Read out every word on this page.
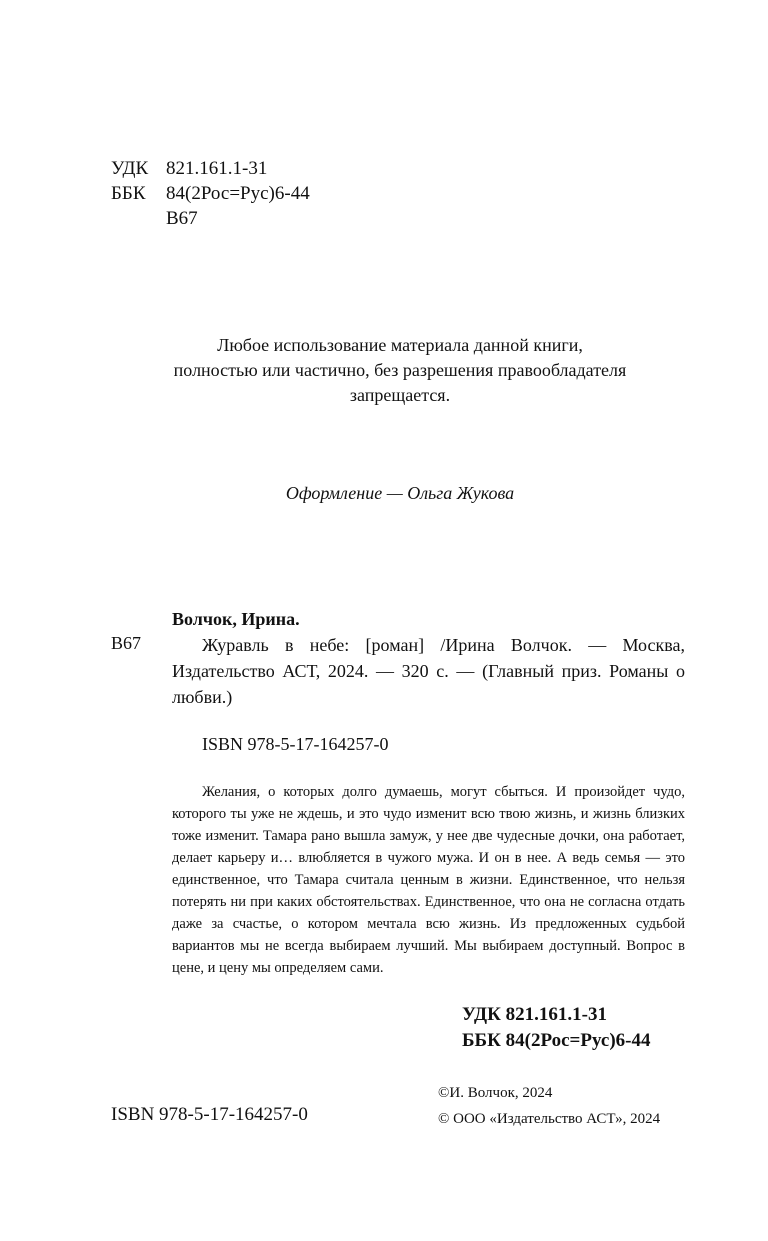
УДК 821.161.1-31
ББК	84(2Рос=Рус)6-44
В67
Любое использование материала данной книги,
полностью или частично, без разрешения правообладателя
запрещается.
Оформление — Ольга Жукова
Волчок, Ирина.
В67	Журавль в небе: [роман] /Ирина Волчок. — Москва, Издательство АСТ, 2024. — 320 с. — (Главный приз. Романы о любви.)
ISBN 978-5-17-164257-0
Желания, о которых долго думаешь, могут сбыться. И произойдет чудо, которого ты уже не ждешь, и это чудо изменит всю твою жизнь, и жизнь близких тоже изменит. Тамара рано вышла замуж, у нее две чудесные дочки, она работает, делает карьеру и… влюбляется в чужого мужа. И он в нее. А ведь семья — это единственное, что Тамара считала ценным в жизни. Единственное, что нельзя потерять ни при каких обстоятельствах. Единственное, что она не согласна отдать даже за счастье, о котором мечтала всю жизнь. Из предложенных судьбой вариантов мы не всегда выбираем лучший. Мы выбираем доступный. Вопрос в цене, и цену мы определяем сами.
УДК 821.161.1-31
ББК 84(2Рос=Рус)6-44
ISBN 978-5-17-164257-0
©И. Волчок, 2024
© ООО «Издательство АСТ», 2024
